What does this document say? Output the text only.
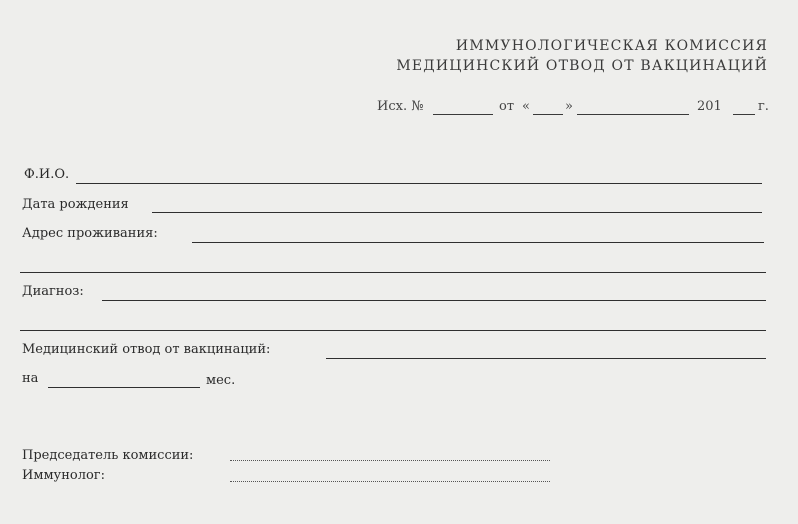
ИММУНОЛОГИЧЕСКАЯ КОМИССИЯ
МЕДИЦИНСКИЙ ОТВОД ОТ ВАКЦИНАЦИЙ
Исх. №	от «	»	201	г.
Ф.И.О.
Дата рождения
Адрес проживания:
Диагноз:
Медицинский отвод от вакцинаций:
на	мес.
Председатель комиссии:
Иммунолог:
